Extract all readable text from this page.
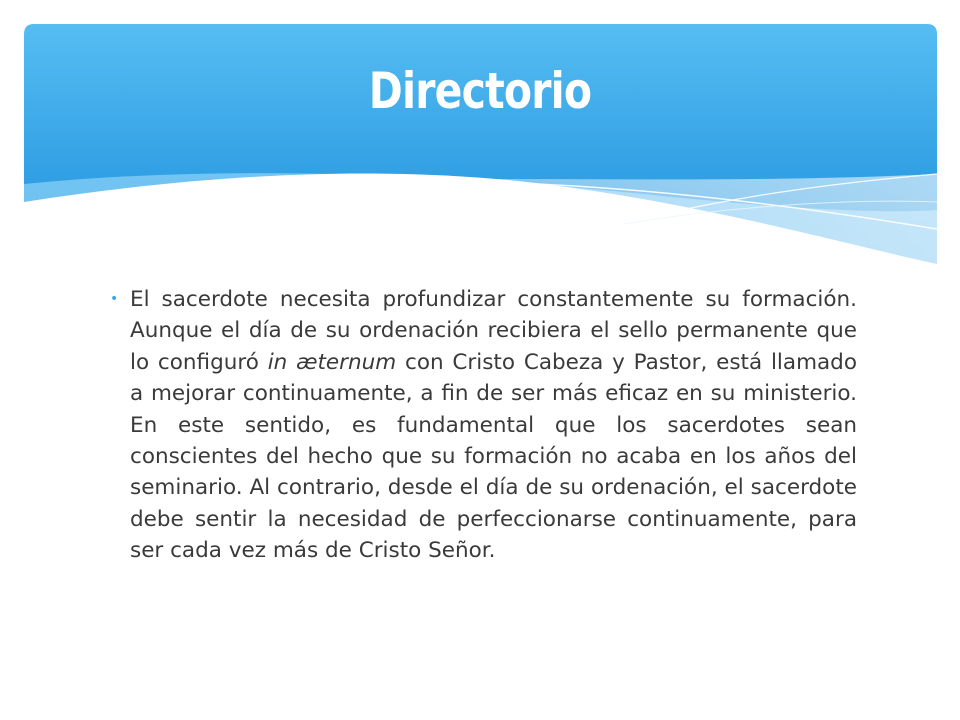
Directorio
• El sacerdote necesita profundizar constantemente su formación. Aunque el día de su ordenación recibiera el sello permanente que lo configuró in æternum con Cristo Cabeza y Pastor, está llamado a mejorar continuamente, a fin de ser más eficaz en su ministerio. En este sentido, es fundamental que los sacerdotes sean conscientes del hecho que su formación no acaba en los años del seminario. Al contrario, desde el día de su ordenación, el sacerdote debe sentir la necesidad de perfeccionarse continuamente, para ser cada vez más de Cristo Señor.
